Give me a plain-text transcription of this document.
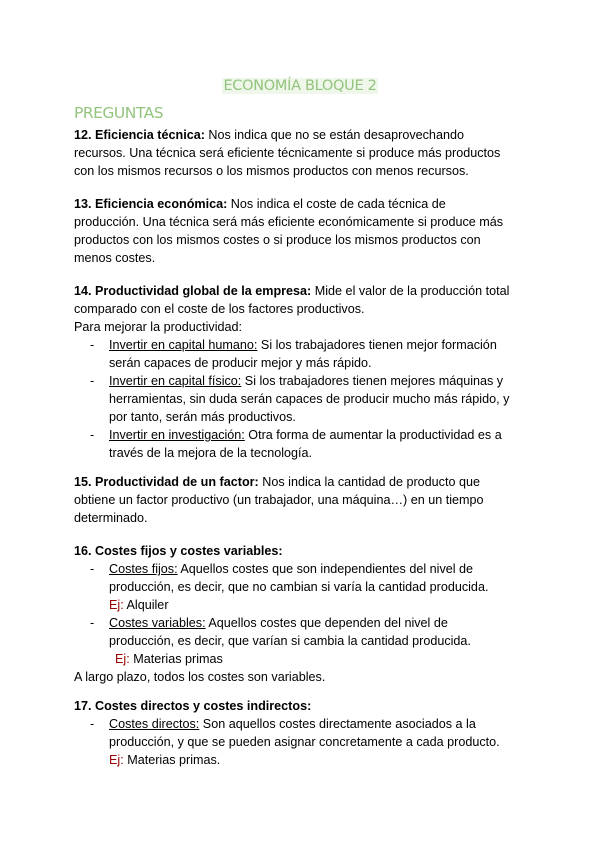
ECONOMÍA BLOQUE 2
PREGUNTAS

12. Eficiencia técnica: Nos indica que no se están desaprovechando
recursos. Una técnica será eficiente técnicamente si produce más productos
con los mismos recursos o los mismos productos con menos recursos.

13. Eficiencia económica: Nos indica el coste de cada técnica de
producción. Una técnica será más eficiente económicamente si produce más
productos con los mismos costes o si produce los mismos productos con
menos costes.

14. Productividad global de la empresa: Mide el valor de la producción total
comparado con el coste de los factores productivos.

Para mejorar la productividad:

- Invertir en capital humano: Si los trabajadores tienen mejor formación
serán capaces de producir mejor y más rápido.
- Invertir en capital físico: Si los trabajadores tienen mejores máquinas y
herramientas, sin duda serán capaces de producir mucho más rápido, y
por tanto, serán más productivos.
- Invertir en investigación: Otra forma de aumentar la productividad es a
través de la mejora de la tecnología.

15. Productividad de un factor: Nos indica la cantidad de producto que
obtiene un factor productivo (un trabajador, una máquina…) en un tiempo
determinado.

16. Costes fijos y costes variables:

- Costes fijos: Aquellos costes que son independientes del nivel de
producción, es decir, que no cambian si varía la cantidad producida.
Ej: Alquiler
- Costes variables: Aquellos costes que dependen del nivel de
producción, es decir, que varían si cambia la cantidad producida.
Ej: Materias primas

A largo plazo, todos los costes son variables.

17. Costes directos y costes indirectos:

- Costes directos: Son aquellos costes directamente asociados a la
producción, y que se pueden asignar concretamente a cada producto.
Ej: Materias primas.
